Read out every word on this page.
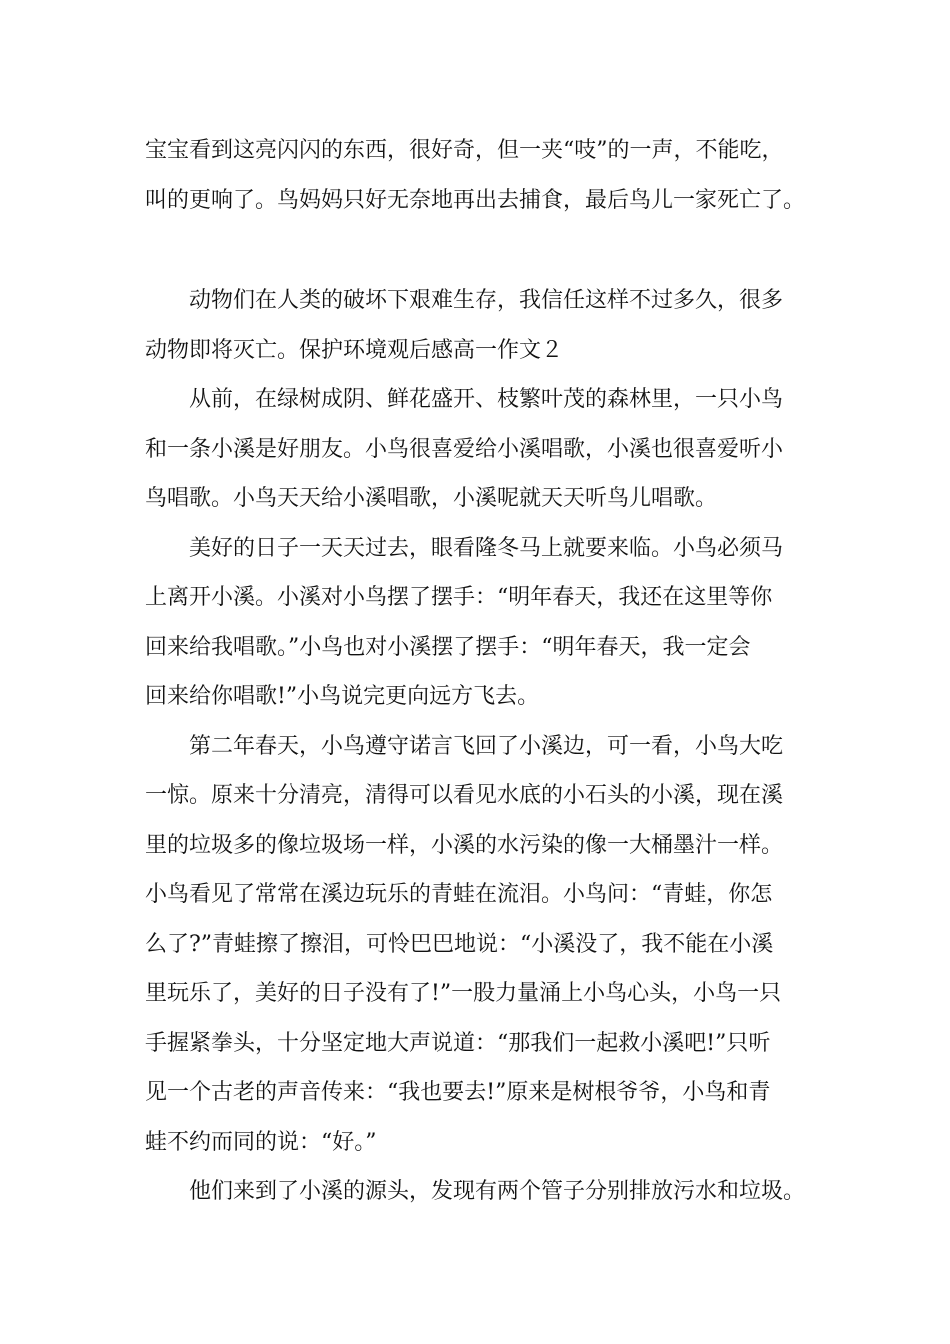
宝宝看到这亮闪闪的东西，很好奇，但一夹“吱”的一声，不能吃，
叫的更响了。鸟妈妈只好无奈地再出去捕食，最后鸟儿一家死亡了。
动物们在人类的破坏下艰难生存，我信任这样不过多久，很多
动物即将灭亡。保护环境观后感高一作文２
从前，在绿树成阴、鲜花盛开、枝繁叶茂的森林里，一只小鸟
和一条小溪是好朋友。小鸟很喜爱给小溪唱歌，小溪也很喜爱听小
鸟唱歌。小鸟天天给小溪唱歌，小溪呢就天天听鸟儿唱歌。
美好的日子一天天过去，眼看隆冬马上就要来临。小鸟必须马
上离开小溪。小溪对小鸟摆了摆手：“明年春天，我还在这里等你
回来给我唱歌。”小鸟也对小溪摆了摆手：“明年春天，我一定会
回来给你唱歌!”小鸟说完更向远方飞去。
第二年春天，小鸟遵守诺言飞回了小溪边，可一看，小鸟大吃
一惊。原来十分清亮，清得可以看见水底的小石头的小溪，现在溪
里的垃圾多的像垃圾场一样，小溪的水污染的像一大桶墨汁一样。
小鸟看见了常常在溪边玩乐的青蛙在流泪。小鸟问：“青蛙，你怎
么了?”青蛙擦了擦泪，可怜巴巴地说：“小溪没了，我不能在小溪
里玩乐了，美好的日子没有了!”一股力量涌上小鸟心头，小鸟一只
手握紧拳头，十分坚定地大声说道：“那我们一起救小溪吧!”只听
见一个古老的声音传来：“我也要去!”原来是树根爷爷，小鸟和青
蛙不约而同的说：“好。”
他们来到了小溪的源头，发现有两个管子分别排放污水和垃圾。
